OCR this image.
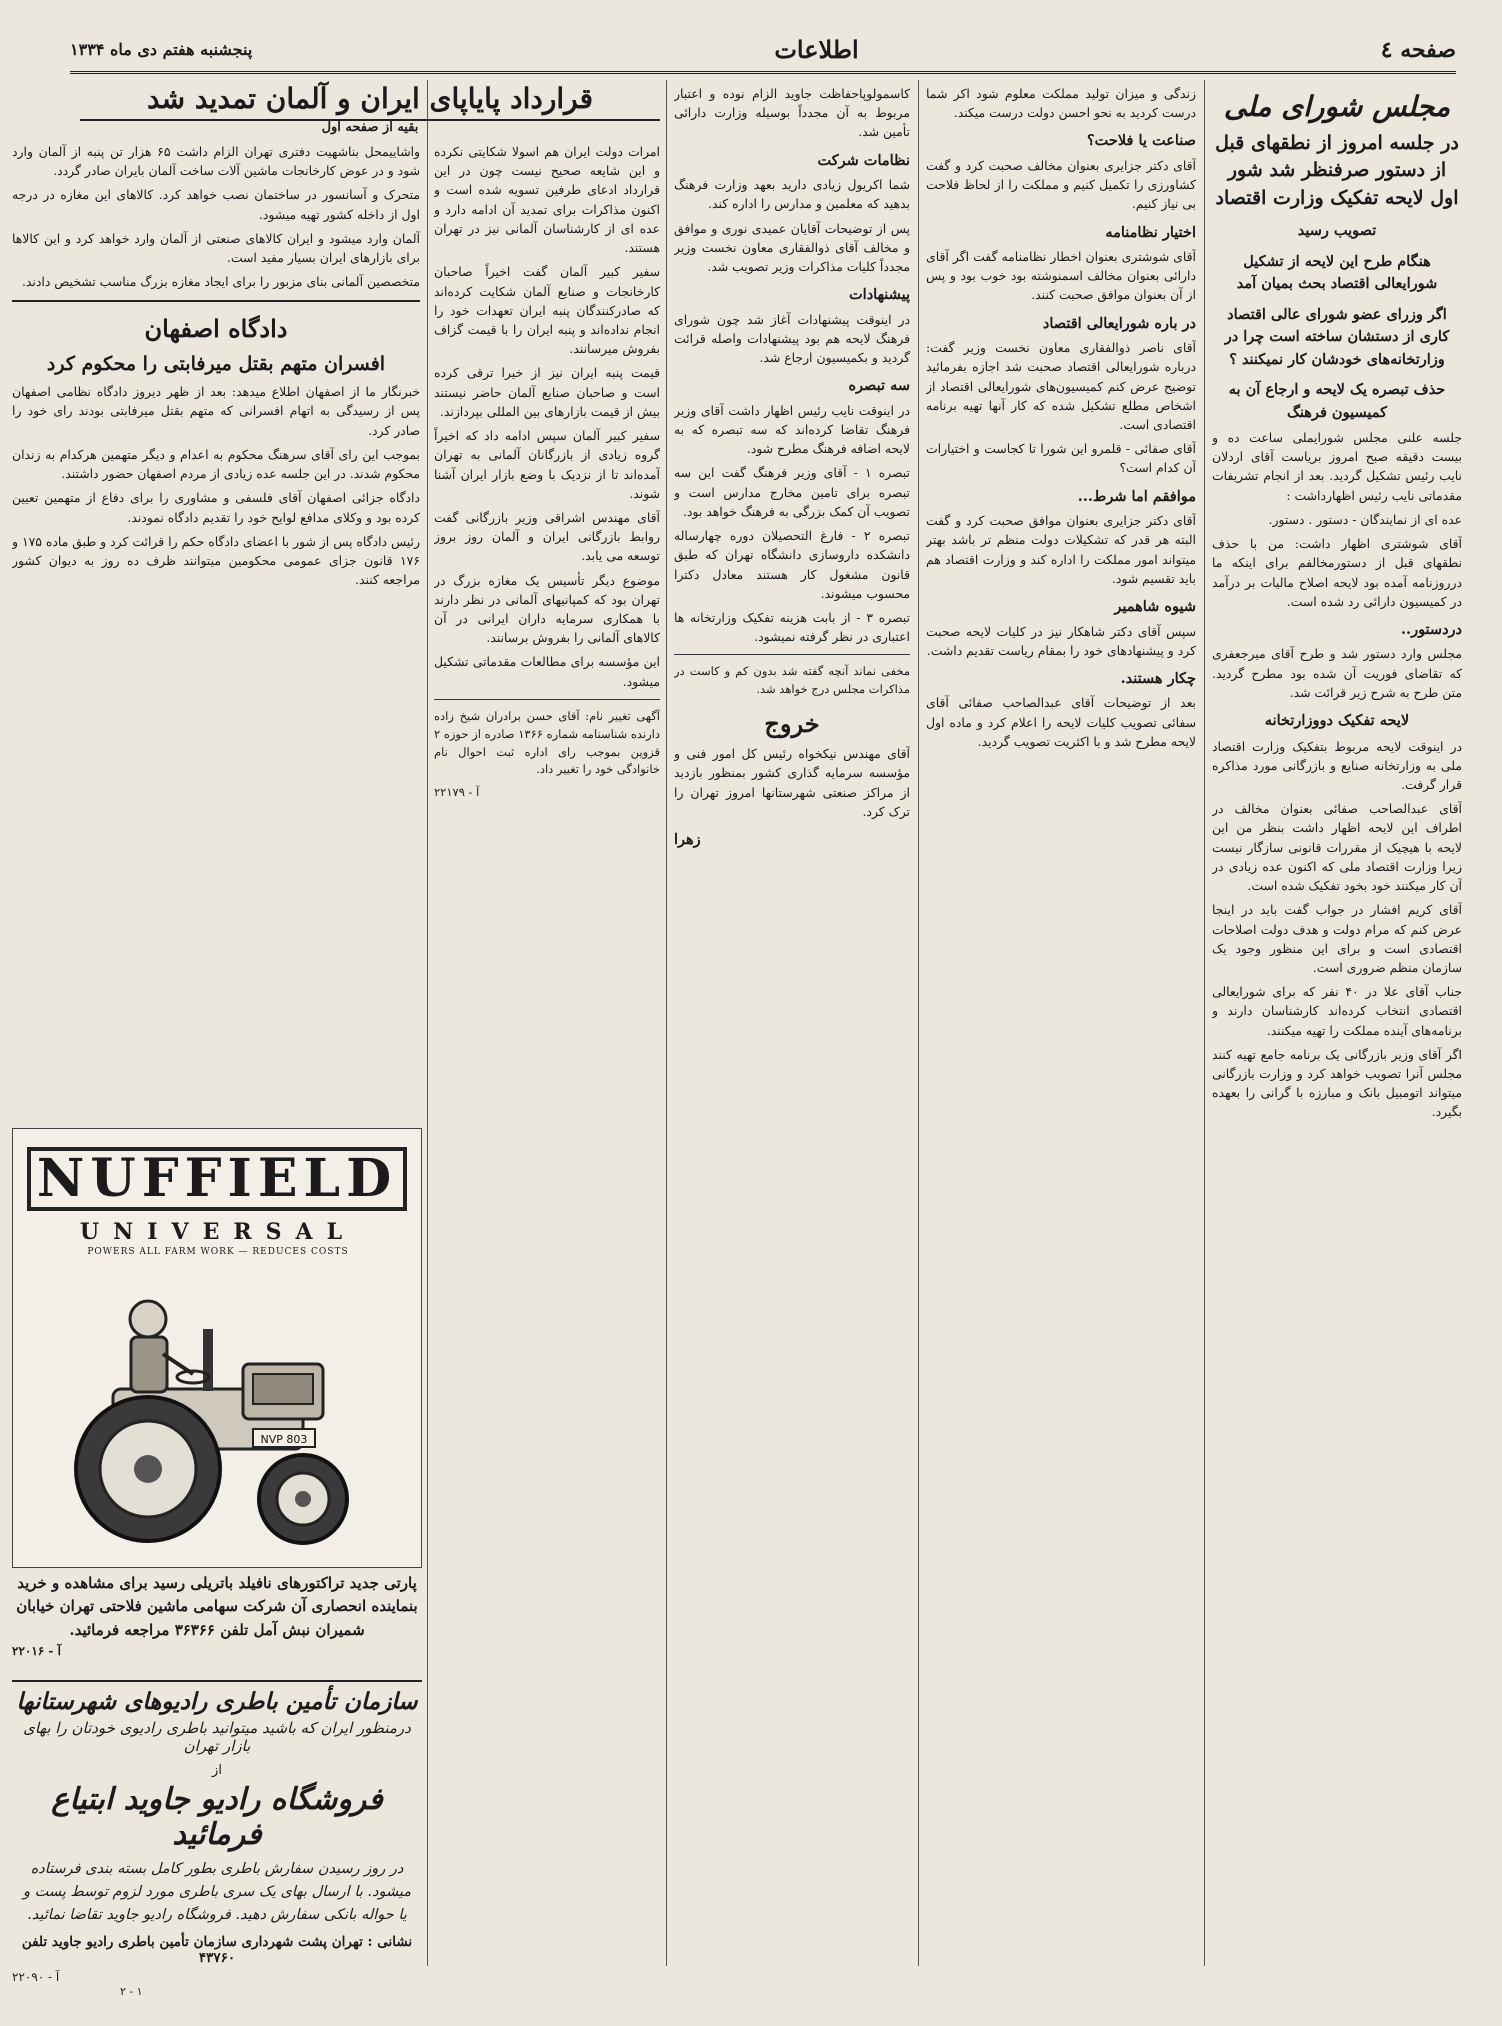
صفحه ٤
اطلاعات
پنجشنبه هفتم دی ماه ۱۳۳۴
مجلس شورای ملی
در جلسه امروز از نطقهای قبل از دستور صرفنظر شد شور اول لایحه تفکیک وزارت اقتصاد
تصویب رسید
هنگام طرح این لایحه از تشکیل شورایعالی اقتصاد بحث بمیان آمد

اگر وزرای عضو شورای عالی اقتصاد کاری از دستشان ساخته است چرا در وزارتخانه‌های خودشان کار نمیکنند ؟

حذف تبصره یک لایحه و ارجاع آن به کمیسیون فرهنگ

جلسه علنی مجلس شورایملی ساعت ده و بیست دقیقه صبح امروز بریاست آقای اردلان نایب رئیس تشکیل گردید. بعد از انجام تشریفات مقدماتی نایب رئیس اظهارداشت :

عده ای از نمایندگان - دستور . دستور.

آقای شوشتری اظهار داشت: من با حذف نطقهای قبل از دستورمخالفم برای اینکه ما درروزنامه آمده بود لایحه اصلاح مالیات بر درآمد در کمیسیون دارائی رد شده است.

دردستور..

مجلس وارد دستور شد و طرح آقای میرجعفری که تقاضای فوریت آن شده بود مطرح گردید. متن طرح به شرح زیر قرائت شد.

لایحه تفکیک دووزارتخانه

در اینوقت لایحه مربوط بتفکیک وزارت اقتصاد ملی به وزارتخانه صنایع و بازرگانی مورد مذاکره قرار گرفت.

آقای عبدالصاحب صفائی بعنوان مخالف در اطراف این لایحه اظهار داشت بنظر من این لایحه با هیچیک از مقررات قانونی سازگار نیست زیرا وزارت اقتصاد ملی که اکنون عده زیادی در آن کار میکنند خود بخود تفکیک شده است.

آقای کریم افشار در جواب گفت باید در اینجا عرض کنم که مرام دولت و هدف دولت اصلاحات اقتصادی است و برای این منظور وجود یک سازمان منظم ضروری است.

جناب آقای علا در ۴۰ نفر که برای شورایعالی اقتصادی انتخاب کرده‌اند کارشناسان دارند و برنامه‌های آینده مملکت را تهیه میکنند.

اگر آقای وزیر بازرگانی یک برنامه جامع تهیه کنند مجلس آنرا تصویب خواهد کرد و وزارت بازرگانی میتواند اتومبیل بانک و مبارزه با گرانی را بعهده بگیرد.

زندگی و میزان تولید مملکت معلوم شود اکر شما درست کردید به نحو احسن دولت درست میکند.

صناعت یا فلاحت؟

آقای دکتر جزایری بعنوان مخالف صحبت کرد و گفت کشاورزی را تکمیل کنیم و مملکت را از لحاظ فلاحت بی نیاز کنیم.

اختیار نظامنامه

آقای شوشتری بعنوان اخطار نظامنامه گفت اگر آقای دارائی بعنوان مخالف اسمنوشته بود خوب بود و پس از آن بعنوان موافق صحبت کنند.

در باره شورایعالی اقتصاد

آقای ناصر ذوالفقاری معاون نخست وزیر گفت: درباره شورایعالی اقتصاد صحبت شد اجازه بفرمائید توضیح عرض کنم کمیسیون‌های شورایعالی اقتصاد از اشخاص مطلع تشکیل شده که کار آنها تهیه برنامه اقتصادی است.

آقای صفائی - قلمرو این شورا تا کجاست و اختیارات آن کدام است؟

موافقم اما شرط...

آقای دکتر جزایری بعنوان موافق صحبت کرد و گفت البته هر قدر که تشکیلات دولت منظم تر باشد بهتر میتواند امور مملکت را اداره کند و وزارت اقتصاد هم باید تقسیم شود.

شیوه شاهمیر

سپس آقای دکتر شاهکار نیز در کلیات لایحه صحبت کرد و پیشنهادهای خود را بمقام ریاست تقدیم داشت.

چکار هستند.

بعد از توضیحات آقای عبدالصاحب صفائی آقای سفائی تصویب کلیات لایحه را اعلام کرد و ماده اول لایحه مطرح شد و با اکثریت تصویب گردید.

کاسمولوپاحفاظت جاوید الزام نوده و اعتبار مربوط به آن مجدداً بوسیله وزارت دارائی تأمین شد.

نظامات شرکت

شما اکریول زیادی دارید بعهد وزارت فرهنگ بدهید که معلمین و مدارس را اداره کند.

پس از توضیحات آقایان عمیدی نوری و موافق و مخالف آقای ذوالفقاری معاون نخست وزیر مجدداً کلیات مذاکرات وزیر تصویب شد.

پیشنهادات

در اینوقت پیشنهادات آغاز شد چون شورای فرهنگ لایحه هم بود پیشنهادات واصله قرائت گردید و بکمیسیون ارجاع شد.

سه تبصره

در اینوقت نایب رئیس اظهار داشت آقای وزیر فرهنگ تقاضا کرده‌اند که سه تبصره که به لایحه اضافه فرهنگ مطرح شود.

تبصره ۱ - آقای وزیر فرهنگ گفت این سه تبصره برای تامین مخارج مدارس است و تصویب آن کمک بزرگی به فرهنگ خواهد بود.

تبصره ۲ - فارغ التحصیلان دوره چهارساله دانشکده داروسازی دانشگاه تهران که طبق قانون مشغول کار هستند معادل دکترا محسوب میشوند.

تبصره ۳ - از بابت هزینه تفکیک وزارتخانه ها اعتباری در نظر گرفته نمیشود.

مخفی نماند آنچه گفته شد بدون کم و کاست در مذاکرات مجلس درج خواهد شد.

خروج

آقای مهندس نیکخواه رئیس کل امور فنی و مؤسسه سرمایه گذاری کشور بمنظور بازدید از مراکز صنعتی شهرستانها امروز تهران را ترک کرد.

زهرا

قرارداد پایاپای ایران و آلمان تمدید شد
بقیه از صفحه اول

امرات دولت ایران هم اسولا شکایتی نکرده و این شایعه صحیح نیست چون در این قرارداد ادعای طرفین تسویه شده است و اکنون مذاکرات برای تمدید آن ادامه دارد و عده ای از کارشناسان آلمانی نیز در تهران هستند.

سفیر کبیر آلمان گفت اخیراً صاحبان کارخانجات و صنایع آلمان شکایت کرده‌اند که صادرکنندگان پنبه ایران تعهدات خود را انجام نداده‌اند و پنبه ایران را با قیمت گزاف بفروش میرسانند.

قیمت پنبه ایران نیز از خیرا ترقی کرده است و صاحبان صنایع آلمان حاضر نیستند بیش از قیمت بازارهای بین المللی بپردازند.

سفیر کبیر آلمان سپس ادامه داد که اخیراً گروه زیادی از بازرگانان آلمانی به تهران آمده‌اند تا از نزدیک با وضع بازار ایران آشنا شوند.

آقای مهندس اشراقی وزیر بازرگانی گفت روابط بازرگانی ایران و آلمان روز بروز توسعه می یابد.

موضوع دیگر تأسیس یک مغازه بزرگ در تهران بود که کمپانیهای آلمانی در نظر دارند با همکاری سرمایه داران ایرانی در آن کالاهای آلمانی را بفروش برسانند.

این مؤسسه برای مطالعات مقدماتی تشکیل میشود.

آگهی تغییر نام: آقای حسن برادران شیخ زاده دارنده شناسنامه شماره ۱۳۶۶ صادره از حوزه ۲ قزوین بموجب رای اداره ثبت احوال نام خانوادگی خود را تغییر داد.

آ - ۲۲۱۷۹

واشاییمحل بناشهیت دفتری تهران الزام داشت ۶۵ هزار تن پنبه از آلمان وارد شود و در عوض کارخانجات ماشین آلات ساخت آلمان بایران صادر گردد.

متحرک و آسانسور در ساختمان نصب خواهد کرد. کالاهای این مغازه در درجه اول از داخله کشور تهیه میشود.

آلمان وارد میشود و ایران کالاهای صنعتی از آلمان وارد خواهد کرد و این کالاها برای بازارهای ایران بسیار مفید است.

متخصصین آلمانی بنای مزبور را برای ایجاد مغازه بزرگ مناسب تشخیص دادند.

دادگاه اصفهان
افسران متهم بقتل میرفابتی را محکوم کرد

خبرنگار ما از اصفهان اطلاع میدهد: بعد از ظهر دیروز دادگاه نظامی اصفهان پس از رسیدگی به اتهام افسرانی که متهم بقتل میرفابتی بودند رای خود را صادر کرد.

بموجب این رای آقای سرهنگ محکوم به اعدام و دیگر متهمین هرکدام به زندان محکوم شدند. در این جلسه عده زیادی از مردم اصفهان حضور داشتند.

دادگاه جزائی اصفهان آقای فلسفی و مشاوری را برای دفاع از متهمین تعیین کرده بود و وکلای مدافع لوایح خود را تقدیم دادگاه نمودند.

رئیس دادگاه پس از شور با اعضای دادگاه حکم را قرائت کرد و طبق ماده ۱۷۵ و ۱۷۶ قانون جزای عمومی محکومین میتوانند ظرف ده روز به دیوان کشور مراجعه کنند.

NUFFIELD
UNIVERSAL
POWERS ALL FARM WORK — REDUCES COSTS
NVP 803
پارتی جدید تراکتورهای نافیلد باتریلی رسید برای مشاهده و خرید بنماینده انحصاری آن شرکت سهامی ماشین فلاحتی تهران خیابان شمیران نبش آمل تلفن ۳۶۳۶۶ مراجعه فرمائید.
آ - ۲۲۰۱۶
سازمان تأمین باطری رادیوهای شهرستانها
درمنظور ایران که باشید میتوانید باطری رادیوی خودتان را بهای بازار تهران
از
فروشگاه رادیو جاوید ابتیاع فرمائید
در روز رسیدن سفارش باطری بطور کامل بسته بندی فرستاده میشود. با ارسال بهای یک سری باطری مورد لزوم توسط پست و یا حواله بانکی سفارش دهید. فروشگاه رادیو جاوید تقاضا نمائید.
نشانی : تهران پشت شهرداری سازمان تأمین باطری رادیو جاوید تلفن ۴۳۷۶۰
آ - ۲۲۰۹۰
۲ - ۱
